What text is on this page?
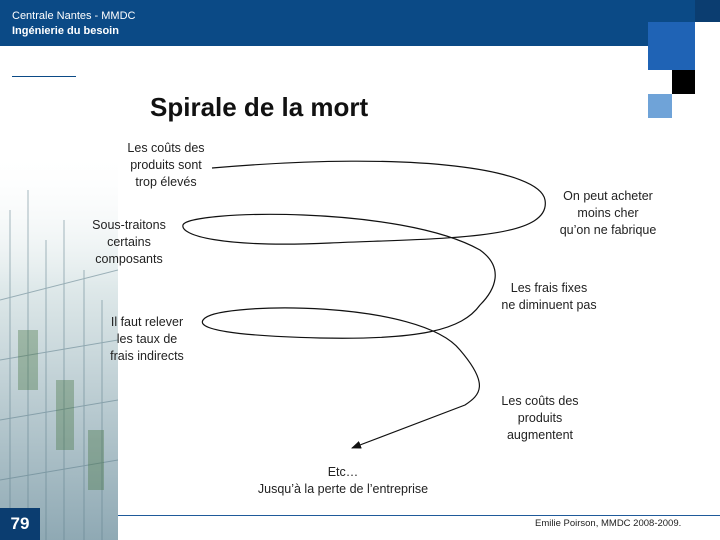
Centrale Nantes - MMDC
Ingénierie du besoin
Spirale de la mort
Les coûts des
produits sont
trop élevés
On peut acheter
moins cher
qu’on ne fabrique
Sous-traitons
certains
composants
Les frais fixes
ne diminuent pas
Il faut relever
les taux de
frais indirects
Les coûts des
produits
augmentent
Etc…
Jusqu’à la perte de l’entreprise
79	Emilie Poirson, MMDC 2008-2009.
